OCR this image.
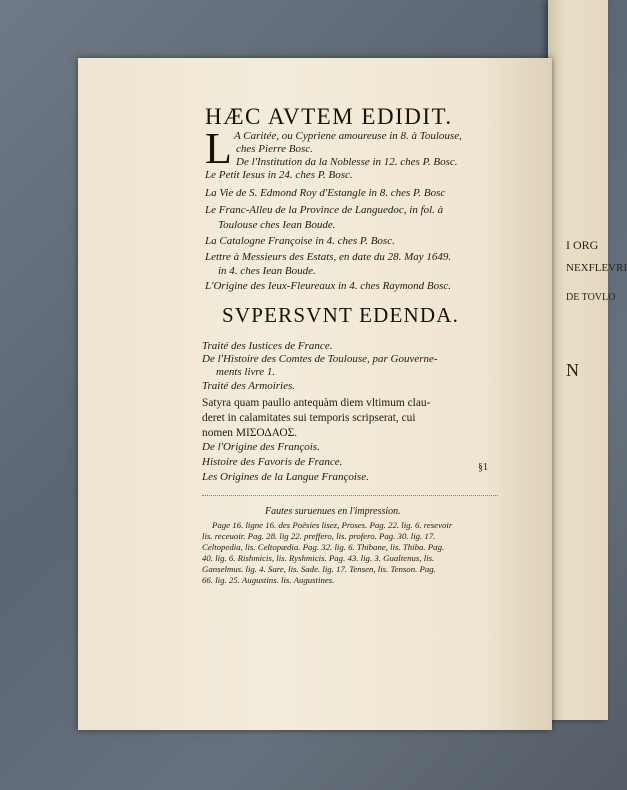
I ORG
NEXFLEVRI
DE TOVLO
N
HÆC AVTEM EDIDIT.
L A Caritée, ou Cypriene amoureuse in 8. à Toulouse,
ches Pierre Bosc.
De l'Institution da la Noblesse in 12. ches P. Bosc.
Le Petit Iesus in 24. ches P. Bosc.
La Vie de S. Edmond Roy d'Estangle in 8. ches P. Bosc
Le Franc-Alleu de la Province de Languedoc, in fol. à
Toulouse ches Iean Boude.
La Catalogne Françoise in 4. ches P. Bosc.
Lettre à Messieurs des Estats, en date du 28. May 1649.
in 4. ches Iean Boude.
L'Origine des Ieux-Fleureaux in 4. ches Raymond Bosc.
SVPERSVNT EDENDA.
Traité des Iustices de France.
De l'Histoire des Comtes de Toulouse, par Gouverne-
ments livre 1.
Traité des Armoiries.
Satyra quam paullo antequàm diem vltimum clau-
deret in calamitates sui temporis scripserat, cui
nomen ΜΙΣΟΔΑΟΣ.
De l'Origine des François.
Histoire des Favoris de France.
Les Origines de la Langue Françoise.
§1
Fautes suruenues en l'impression.
Page 16. ligne 16. des Poësies lisez, Proses. Pag. 22. lig. 6. resevoir
lis. receuoir. Pag. 28. lig 22. preffero, lis. profero. Pag. 30. lig. 17.
Celtopedia, lis. Celtopædia. Pag. 32. lig. 6. Thibane, lis. Thiba. Pag.
40. lig. 6. Rishmicis, lis. Ryshmicis. Pag. 43. lig. 3. Gualtenus, lis.
Ganselmus. lig. 4. Sare, lis. Sade. lig. 17. Tensen, lis. Tenson. Pag.
66. lig. 25. Augustins. lis. Augustines.
